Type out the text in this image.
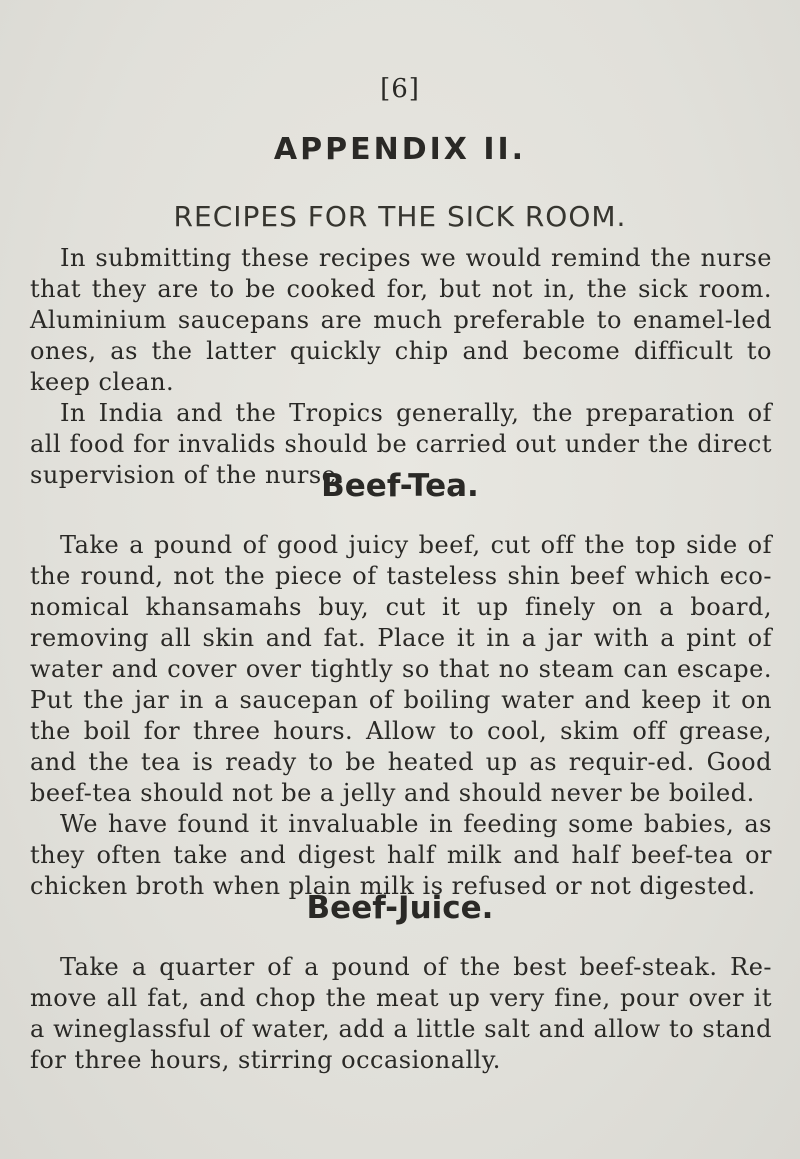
[6]
APPENDIX II.
RECIPES FOR THE SICK ROOM.

In submitting these recipes we would remind the nurse that they are to be cooked for, but not in, the sick room. Aluminium saucepans are much preferable to enamel-led ones, as the latter quickly chip and become difficult to keep clean.

In India and the Tropics generally, the preparation of all food for invalids should be carried out under the direct supervision of the nurse.

Beef-Tea.

Take a pound of good juicy beef, cut off the top side of the round, not the piece of tasteless shin beef which eco-nomical khansamahs buy, cut it up finely on a board, removing all skin and fat. Place it in a jar with a pint of water and cover over tightly so that no steam can escape. Put the jar in a saucepan of boiling water and keep it on the boil for three hours. Allow to cool, skim off grease, and the tea is ready to be heated up as requir-ed. Good beef-tea should not be a jelly and should never be boiled.

We have found it invaluable in feeding some babies, as they often take and digest half milk and half beef-tea or chicken broth when plain milk is refused or not digested.

Beef-Juice.

Take a quarter of a pound of the best beef-steak. Re-move all fat, and chop the meat up very fine, pour over it a wineglassful of water, add a little salt and allow to stand for three hours, stirring occasionally.
